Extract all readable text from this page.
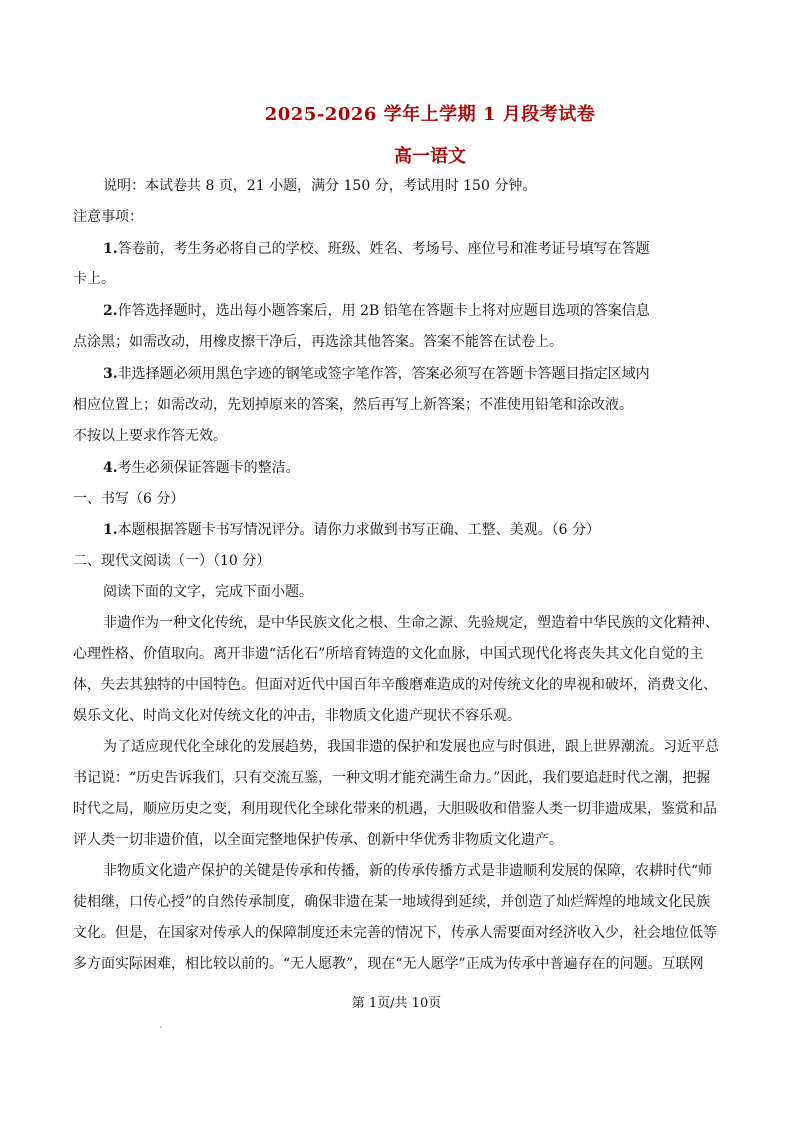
2025-2026 学年上学期 1 月段考试卷
高一语文
说明：本试卷共 8 页，21 小题，满分 150 分，考试用时 150 分钟。
注意事项：
1.答卷前，考生务必将自己的学校、班级、姓名、考场号、座位号和准考证号填写在答题
卡上。
2.作答选择题时，选出每小题答案后，用 2B 铅笔在答题卡上将对应题目选项的答案信息
点涂黑；如需改动，用橡皮擦干净后，再选涂其他答案。答案不能答在试卷上。
3.非选择题必须用黑色字迹的钢笔或签字笔作答，答案必须写在答题卡答题目指定区域内
相应位置上；如需改动，先划掉原来的答案，然后再写上新答案；不准使用铅笔和涂改液。
不按以上要求作答无效。
4.考生必须保证答题卡的整洁。
一、书写（6 分）
1.本题根据答题卡书写情况评分。请你力求做到书写正确、工整、美观。（6 分）
二、现代文阅读（一）（10 分）
阅读下面的文字，完成下面小题。
非遗作为一种文化传统，是中华民族文化之根、生命之源、先验规定，塑造着中华民族的文化精神、
心理性格、价值取向。离开非遗“活化石”所培育铸造的文化血脉，中国式现代化将丧失其文化自觉的主
体，失去其独特的中国特色。但面对近代中国百年辛酸磨难造成的对传统文化的卑视和破坏，消费文化、
娱乐文化、时尚文化对传统文化的冲击，非物质文化遗产现状不容乐观。
为了适应现代化全球化的发展趋势，我国非遗的保护和发展也应与时俱进，跟上世界潮流。习近平总
书记说：“历史告诉我们，只有交流互鉴，一种文明才能充满生命力。”因此，我们要追赶时代之潮，把握
时代之局，顺应历史之变，利用现代化全球化带来的机遇，大胆吸收和借鉴人类一切非遗成果，鉴赏和品
评人类一切非遗价值，以全面完整地保护传承、创新中华优秀非物质文化遗产。
非物质文化遗产保护的关键是传承和传播，新的传承传播方式是非遗顺利发展的保障，农耕时代“师
徒相继，口传心授”的自然传承制度，确保非遗在某一地域得到延续，并创造了灿烂辉煌的地域文化民族
文化。但是，在国家对传承人的保障制度还未完善的情况下，传承人需要面对经济收入少，社会地位低等
多方面实际困难，相比较以前的。“无人愿教”，现在“无人愿学”正成为传承中普遍存在的问题。互联网
第 1页/共 10页
